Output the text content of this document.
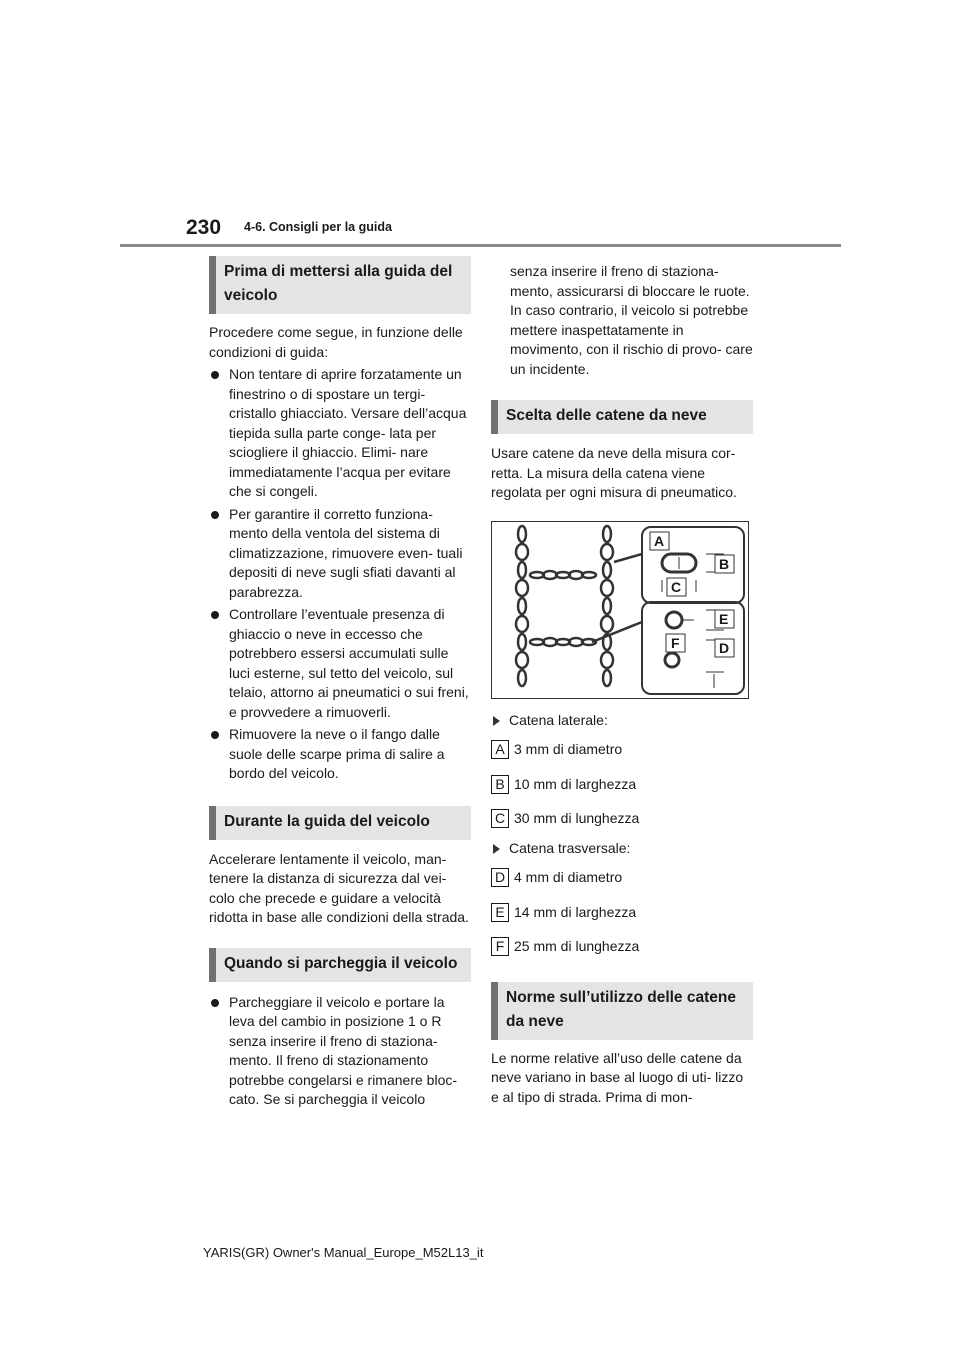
230 4-6. Consigli per la guida
Prima di mettersi alla guida del veicolo

Procedere come segue, in funzione delle condizioni di guida:

Non tentare di aprire forzatamente un finestrino o di spostare un tergi- cristallo ghiacciato. Versare dell’acqua tiepida sulla parte conge- lata per sciogliere il ghiaccio. Elimi- nare immediatamente l’acqua per evitare che si congeli.
Per garantire il corretto funziona- mento della ventola del sistema di climatizzazione, rimuovere even- tuali depositi di neve sugli sfiati davanti al parabrezza.
Controllare l’eventuale presenza di ghiaccio o neve in eccesso che potrebbero essersi accumulati sulle luci esterne, sul tetto del veicolo, sul telaio, attorno ai pneumatici o sui freni, e provvedere a rimuoverli.
Rimuovere la neve o il fango dalle suole delle scarpe prima di salire a bordo del veicolo.
Durante la guida del veicolo

Accelerare lentamente il veicolo, man- tenere la distanza di sicurezza dal vei- colo che precede e guidare a velocità ridotta in base alle condizioni della strada.

Quando si parcheggia il veicolo
Parcheggiare il veicolo e portare la leva del cambio in posizione 1 o R senza inserire il freno di staziona- mento. Il freno di stazionamento potrebbe congelarsi e rimanere bloc- cato. Se si parcheggia il veicolo

senza inserire il freno di staziona- mento, assicurarsi di bloccare le ruote. In caso contrario, il veicolo si potrebbe mettere inaspettatamente in movimento, con il rischio di provo- care un incidente.

Scelta delle catene da neve

Usare catene da neve della misura cor- retta. La misura della catena viene regolata per ogni misura di pneumatico.

A
B
C
E
F	D
Catena laterale:
A 3 mm di diametro
B 10 mm di larghezza
C 30 mm di lunghezza
Catena trasversale:
D 4 mm di diametro
E 14 mm di larghezza
F 25 mm di lunghezza
Norme sull’utilizzo delle catene da neve

Le norme relative all’uso delle catene da neve variano in base al luogo di uti- lizzo e al tipo di strada. Prima di mon-

YARIS(GR) Owner's Manual_Europe_M52L13_it
